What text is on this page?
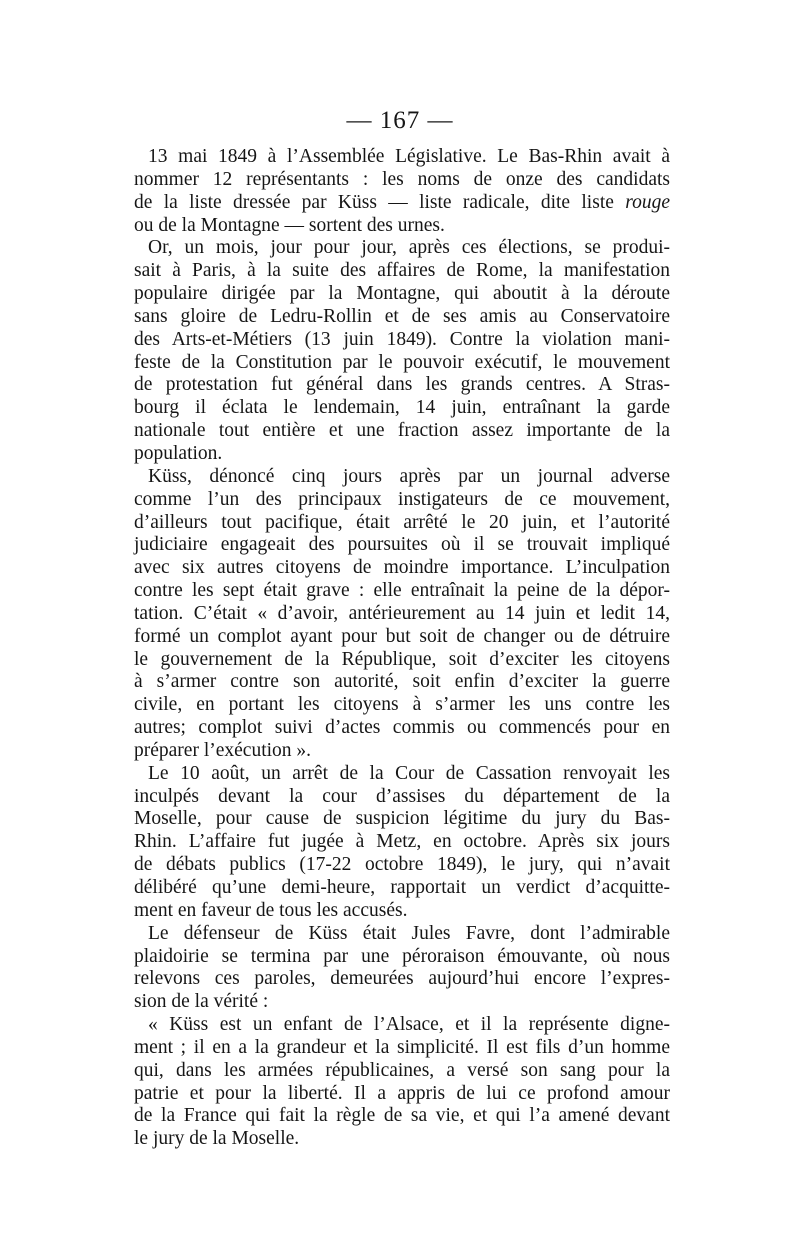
— 167 —

13 mai 1849 à l’Assemblée Législative. Le Bas-Rhin avait à
nommer 12 représentants : les noms de onze des candidats
de la liste dressée par Küss — liste radicale, dite liste rouge
ou de la Montagne — sortent des urnes.

Or, un mois, jour pour jour, après ces élections, se produi-
sait à Paris, à la suite des affaires de Rome, la manifestation
populaire dirigée par la Montagne, qui aboutit à la déroute
sans gloire de Ledru-Rollin et de ses amis au Conservatoire
des Arts-et-Métiers (13 juin 1849). Contre la violation mani-
feste de la Constitution par le pouvoir exécutif, le mouvement
de protestation fut général dans les grands centres. A Stras-
bourg il éclata le lendemain, 14 juin, entraînant la garde
nationale tout entière et une fraction assez importante de la
population.

Küss, dénoncé cinq jours après par un journal adverse
comme l’un des principaux instigateurs de ce mouvement,
d’ailleurs tout pacifique, était arrêté le 20 juin, et l’autorité
judiciaire engageait des poursuites où il se trouvait impliqué
avec six autres citoyens de moindre importance. L’inculpation
contre les sept était grave : elle entraînait la peine de la dépor-
tation. C’était « d’avoir, antérieurement au 14 juin et ledit 14,
formé un complot ayant pour but soit de changer ou de détruire
le gouvernement de la République, soit d’exciter les citoyens
à s’armer contre son autorité, soit enfin d’exciter la guerre
civile, en portant les citoyens à s’armer les uns contre les
autres; complot suivi d’actes commis ou commencés pour en
préparer l’exécution ».

Le 10 août, un arrêt de la Cour de Cassation renvoyait les
inculpés devant la cour d’assises du département de la
Moselle, pour cause de suspicion légitime du jury du Bas-
Rhin. L’affaire fut jugée à Metz, en octobre. Après six jours
de débats publics (17-22 octobre 1849), le jury, qui n’avait
délibéré qu’une demi-heure, rapportait un verdict d’acquitte-
ment en faveur de tous les accusés.

Le défenseur de Küss était Jules Favre, dont l’admirable
plaidoirie se termina par une péroraison émouvante, où nous
relevons ces paroles, demeurées aujourd’hui encore l’expres-
sion de la vérité :

« Küss est un enfant de l’Alsace, et il la représente digne-
ment ; il en a la grandeur et la simplicité. Il est fils d’un homme
qui, dans les armées républicaines, a versé son sang pour la
patrie et pour la liberté. Il a appris de lui ce profond amour
de la France qui fait la règle de sa vie, et qui l’a amené devant
le jury de la Moselle.
